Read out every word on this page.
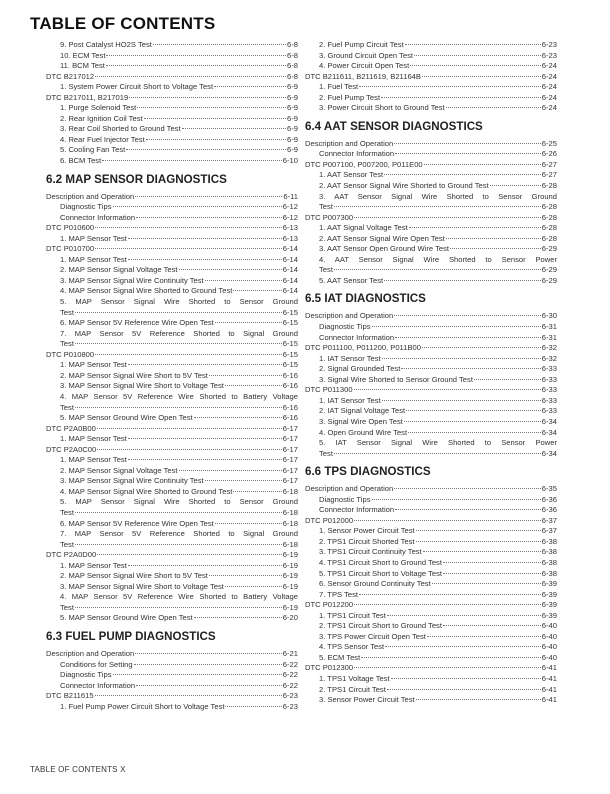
TABLE OF CONTENTS
9. Post Catalyst HO2S Test	6-8
10. ECM Test	6-8
11. BCM Test	6-8
DTC B217012	6-8
1. System Power Circuit Short to Voltage Test	6-9
DTC B217011, B217019	6-9
1. Purge Solenoid Test	6-9
2. Rear Ignition Coil Test	6-9
3. Rear Coil Shorted to Ground Test	6-9
4. Rear Fuel Injector Test	6-9
5. Cooling Fan Test	6-9
6. BCM Test	6-10
6.2 MAP SENSOR DIAGNOSTICS
Description and Operation	6-11
Diagnostic Tips	6-12
Connector Information	6-12
DTC P010600	6-13
1. MAP Sensor Test	6-13
DTC P010700	6-14
1. MAP Sensor Test	6-14
2. MAP Sensor Signal Voltage Test	6-14
3. MAP Sensor Signal Wire Continuity Test	6-14
4. MAP Sensor Signal Wire Shorted to Ground Test	6-14
5. MAP Sensor Signal Wire Shorted to Sensor Ground
Test	6-15
6. MAP Sensor 5V Reference Wire Open Test	6-15
7. MAP Sensor 5V Reference Shorted to Signal Ground
Test	6-15
DTC P010800	6-15
1. MAP Sensor Test	6-15
2. MAP Sensor Signal Wire Short to 5V Test	6-16
3. MAP Sensor Signal Wire Short to Voltage Test	6-16
4. MAP Sensor 5V Reference Wire Shorted to Battery Voltage
Test	6-16
5. MAP Sensor Ground Wire Open Test	6-16
DTC P2A0B00	6-17
1. MAP Sensor Test	6-17
DTC P2A0C00	6-17
1. MAP Sensor Test	6-17
2. MAP Sensor Signal Voltage Test	6-17
3. MAP Sensor Signal Wire Continuity Test	6-17
4. MAP Sensor Signal Wire Shorted to Ground Test	6-18
5. MAP Sensor Signal Wire Shorted to Sensor Ground
Test	6-18
6. MAP Sensor 5V Reference Wire Open Test	6-18
7. MAP Sensor 5V Reference Shorted to Signal Ground
Test	6-18
DTC P2A0D00	6-19
1. MAP Sensor Test	6-19
2. MAP Sensor Signal Wire Short to 5V Test	6-19
3. MAP Sensor Signal Wire Short to Voltage Test	6-19
4. MAP Sensor 5V Reference Wire Shorted to Battery Voltage
Test	6-19
5. MAP Sensor Ground Wire Open Test	6-20
6.3 FUEL PUMP DIAGNOSTICS
Description and Operation	6-21
Conditions for Setting	6-22
Diagnostic Tips	6-22
Connector Information	6-22
DTC B211615	6-23
1. Fuel Pump Power Circuit Short to Voltage Test	6-23
2. Fuel Pump Circuit Test	6-23
3. Ground Circuit Open Test	6-23
4. Power Circuit Open Test	6-24
DTC B211611, B211619, B21164B	6-24
1. Fuel Test	6-24
2. Fuel Pump Test	6-24
3. Power Circuit Short to Ground Test	6-24
6.4 AAT SENSOR DIAGNOSTICS
Description and Operation	6-25
Connector Information	6-26
DTC P007100, P007200, P011E00	6-27
1. AAT Sensor Test	6-27
2. AAT Sensor Signal Wire Shorted to Ground Test	6-28
3. AAT Sensor Signal Wire Shorted to Sensor Ground
Test	6-28
DTC P007300	6-28
1. AAT Signal Voltage Test	6-28
2. AAT Sensor Signal Wire Open Test	6-28
3. AAT Sensor Open Ground Wire Test	6-29
4. AAT Sensor Signal Wire Shorted to Sensor Power
Test	6-29
5. AAT Sensor Test	6-29
6.5 IAT DIAGNOSTICS
Description and Operation	6-30
Diagnostic Tips	6-31
Connector Information	6-31
DTC P011100, P011200, P011B00	6-32
1. IAT Sensor Test	6-32
2. Signal Grounded Test	6-33
3. Signal Wire Shorted to Sensor Ground Test	6-33
DTC P011300	6-33
1. IAT Sensor Test	6-33
2. IAT Signal Voltage Test	6-33
3. Signal Wire Open Test	6-34
4. Open Ground Wire Test	6-34
5. IAT Sensor Signal Wire Shorted to Sensor Power
Test	6-34
6.6 TPS DIAGNOSTICS
Description and Operation	6-35
Diagnostic Tips	6-36
Connector Information	6-36
DTC P012000	6-37
1. Sensor Power Circuit Test	6-37
2. TPS1 Circuit Shorted Test	6-38
3. TPS1 Circuit Continuity Test	6-38
4. TPS1 Circuit Short to Ground Test	6-38
5. TPS1 Circuit Short to Voltage Test	6-38
6. Sensor Ground Continuity Test	6-39
7. TPS Test	6-39
DTC P012200	6-39
1. TPS1 Circuit Test	6-39
2. TPS1 Circuit Short to Ground Test	6-40
3. TPS Power Circuit Open Test	6-40
4. TPS Sensor Test	6-40
5. ECM Test	6-40
DTC P012300	6-41
1. TPS1 Voltage Test	6-41
2. TPS1 Circuit Test	6-41
3. Sensor Power Circuit Test	6-41
TABLE OF CONTENTS X
